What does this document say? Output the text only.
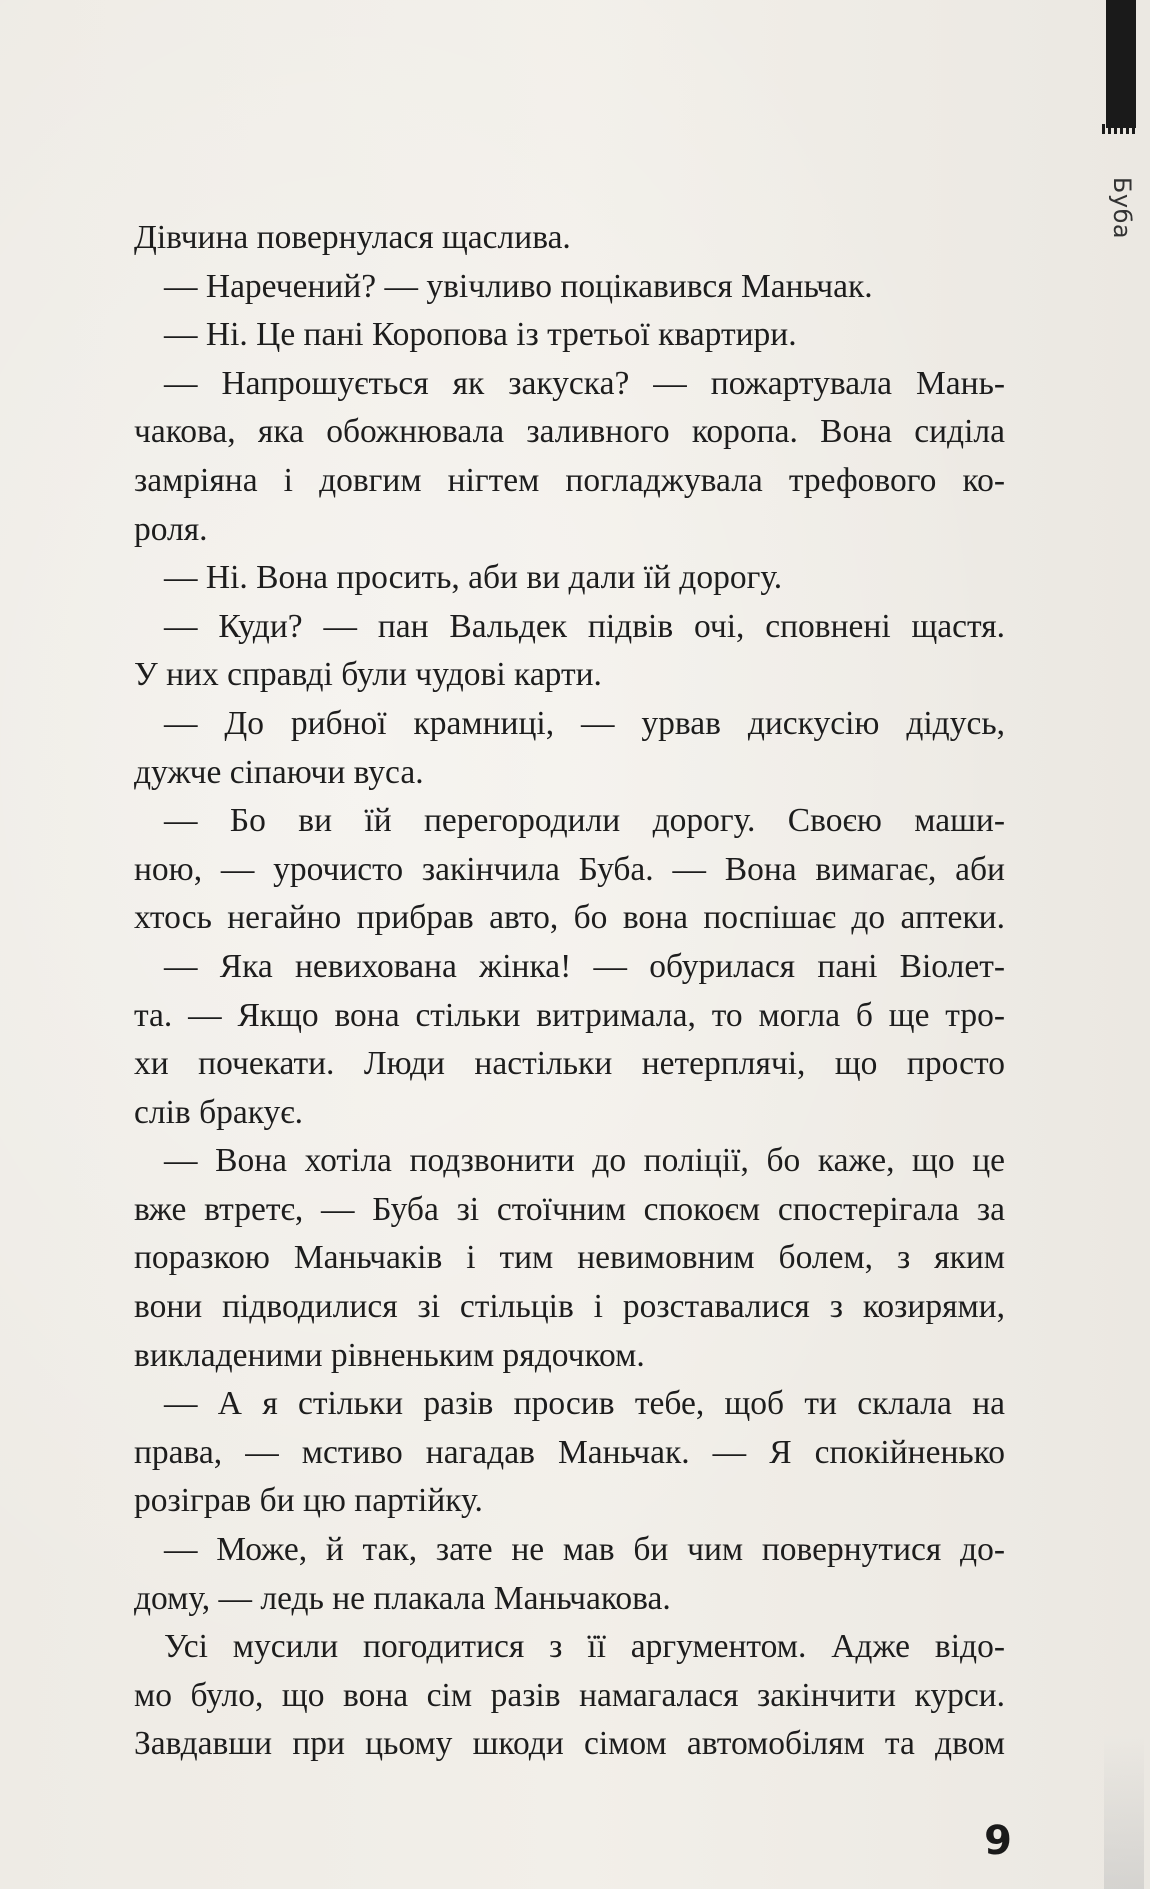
Буба
Дівчина повернулася щаслива.
— Наречений? — увічливо поцікавився Маньчак.
— Ні. Це пані Коропова із третьої квартири.
— Напрошується як закуска? — пожартувала Мань-
чакова, яка обожнювала заливного коропа. Вона сиділа
замріяна і довгим нігтем погладжувала трефового ко-
роля.
— Ні. Вона просить, аби ви дали їй дорогу.
— Куди? — пан Вальдек підвів очі, сповнені щастя.
У них справді були чудові карти.
— До рибної крамниці, — урвав дискусію дідусь,
дужче сіпаючи вуса.
— Бо ви їй перегородили дорогу. Своєю маши-
ною, — урочисто закінчила Буба. — Вона вимагає, аби
хтось негайно прибрав авто, бо вона поспішає до аптеки.
— Яка невихована жінка! — обурилася пані Віолет-
та. — Якщо вона стільки витримала, то могла б ще тро-
хи почекати. Люди настільки нетерплячі, що просто
слів бракує.
— Вона хотіла подзвонити до поліції, бо каже, що це
вже втретє, — Буба зі стоїчним спокоєм спостерігала за
поразкою Маньчаків і тим невимовним болем, з яким
вони підводилися зі стільців і розставалися з козирями,
викладеними рівненьким рядочком.
— А я стільки разів просив тебе, щоб ти склала на
права, — мстиво нагадав Маньчак. — Я спокійненько
розіграв би цю партійку.
— Може, й так, зате не мав би чим повернутися до-
дому, — ледь не плакала Маньчакова.
Усі мусили погодитися з її аргументом. Адже відо-
мо було, що вона сім разів намагалася закінчити курси.
Завдавши при цьому шкоди сімом автомобілям та двом
9
